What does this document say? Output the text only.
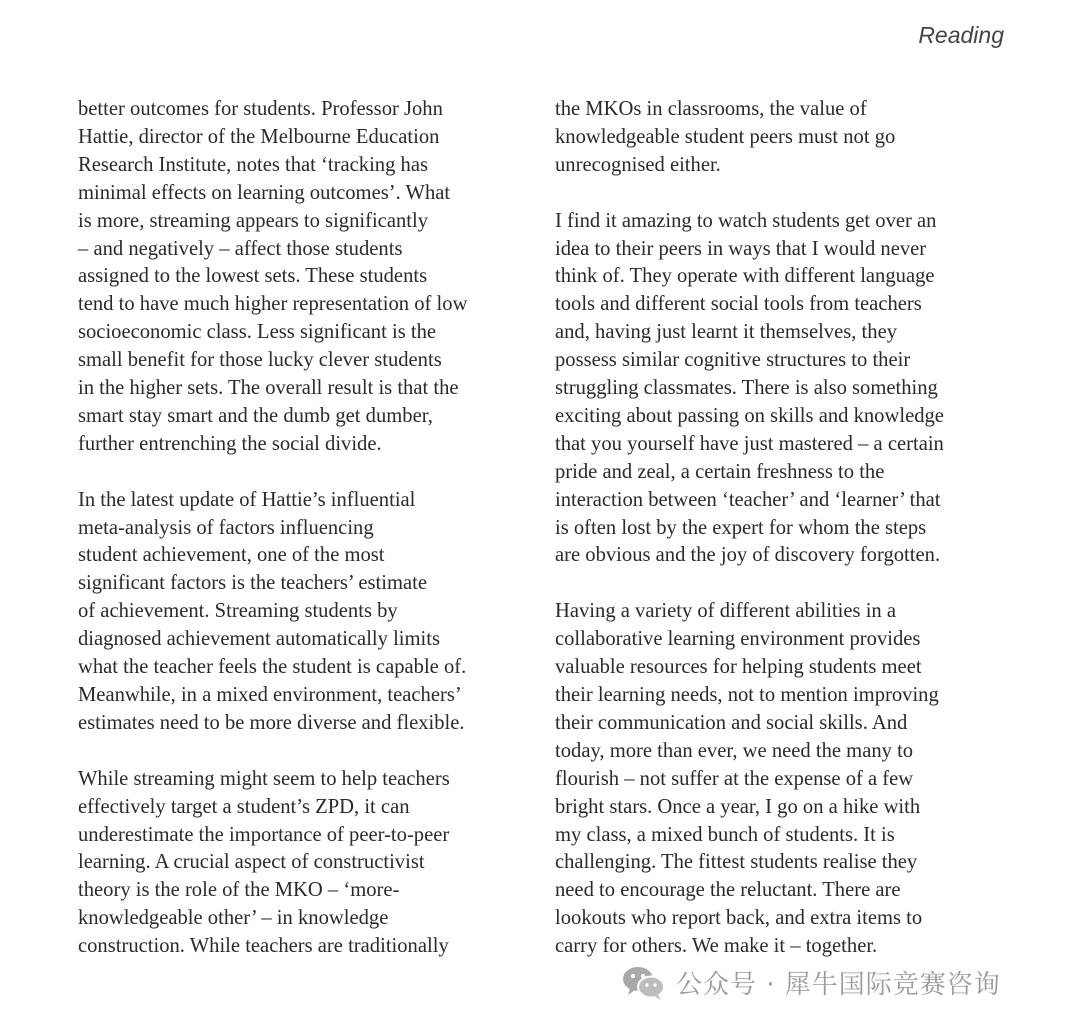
Reading

better outcomes for students. Professor John
Hattie, director of the Melbourne Education
Research Institute, notes that ‘tracking has
minimal effects on learning outcomes’. What
is more, streaming appears to significantly
– and negatively – affect those students
assigned to the lowest sets. These students
tend to have much higher representation of low
socioeconomic class. Less significant is the
small benefit for those lucky clever students
in the higher sets. The overall result is that the
smart stay smart and the dumb get dumber,
further entrenching the social divide.

In the latest update of Hattie’s influential
meta-analysis of factors influencing
student achievement, one of the most
significant factors is the teachers’ estimate
of achievement. Streaming students by
diagnosed achievement automatically limits
what the teacher feels the student is capable of.
Meanwhile, in a mixed environment, teachers’
estimates need to be more diverse and flexible.

While streaming might seem to help teachers
effectively target a student’s ZPD, it can
underestimate the importance of peer-to-peer
learning. A crucial aspect of constructivist
theory is the role of the MKO – ‘more-
knowledgeable other’ – in knowledge
construction. While teachers are traditionally

the MKOs in classrooms, the value of
knowledgeable student peers must not go
unrecognised either.

I find it amazing to watch students get over an
idea to their peers in ways that I would never
think of. They operate with different language
tools and different social tools from teachers
and, having just learnt it themselves, they
possess similar cognitive structures to their
struggling classmates. There is also something
exciting about passing on skills and knowledge
that you yourself have just mastered – a certain
pride and zeal, a certain freshness to the
interaction between ‘teacher’ and ‘learner’ that
is often lost by the expert for whom the steps
are obvious and the joy of discovery forgotten.

Having a variety of different abilities in a
collaborative learning environment provides
valuable resources for helping students meet
their learning needs, not to mention improving
their communication and social skills. And
today, more than ever, we need the many to
flourish – not suffer at the expense of a few
bright stars. Once a year, I go on a hike with
my class, a mixed bunch of students. It is
challenging. The fittest students realise they
need to encourage the reluctant. There are
lookouts who report back, and extra items to
carry for others. We make it – together.

公众号 · 犀牛国际竞赛咨询
